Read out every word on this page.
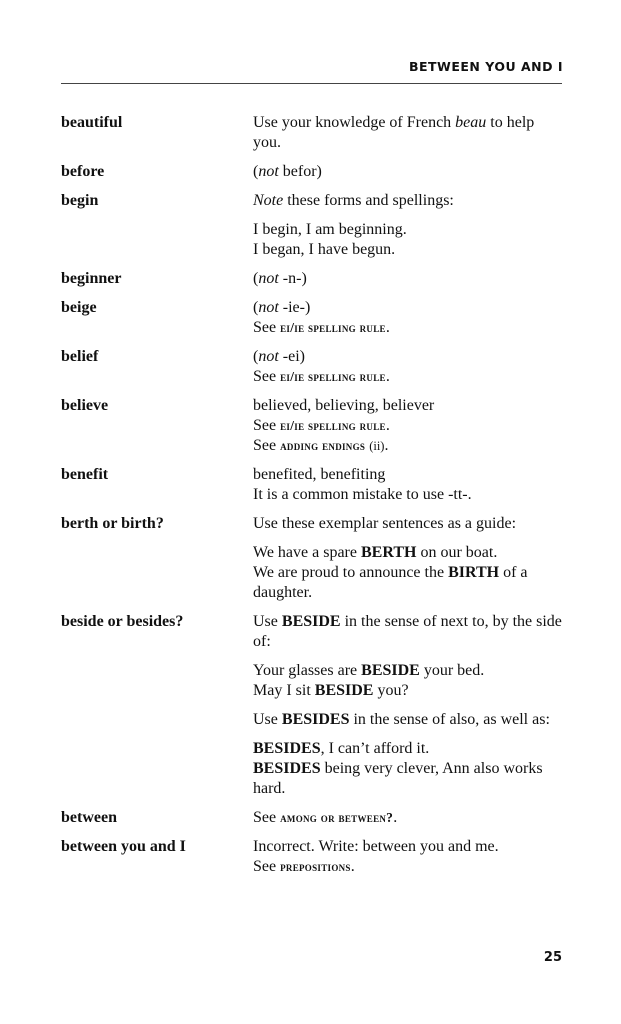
BETWEEN YOU AND I
beautiful	Use your knowledge of French beau to help you.
before	(not befor)
begin	Note these forms and spellings:
I begin, I am beginning.
I began, I have begun.
beginner	(not -n-)
beige	(not -ie-)
See ei/ie spelling rule.
belief	(not -ei)
See ei/ie spelling rule.
believe	believed, believing, believer
See ei/ie spelling rule.
See adding endings (ii).
benefit	benefited, benefiting
It is a common mistake to use -tt-.
berth or birth?	Use these exemplar sentences as a guide:
We have a spare BERTH on our boat.
We are proud to announce the BIRTH of a daughter.
beside or besides?	Use BESIDE in the sense of next to, by the side of:
Your glasses are BESIDE your bed.
May I sit BESIDE you?
Use BESIDES in the sense of also, as well as:
BESIDES, I can’t afford it.
BESIDES being very clever, Ann also works hard.
between	See among or between?.
between you and I	Incorrect. Write: between you and me.
See prepositions.
25
